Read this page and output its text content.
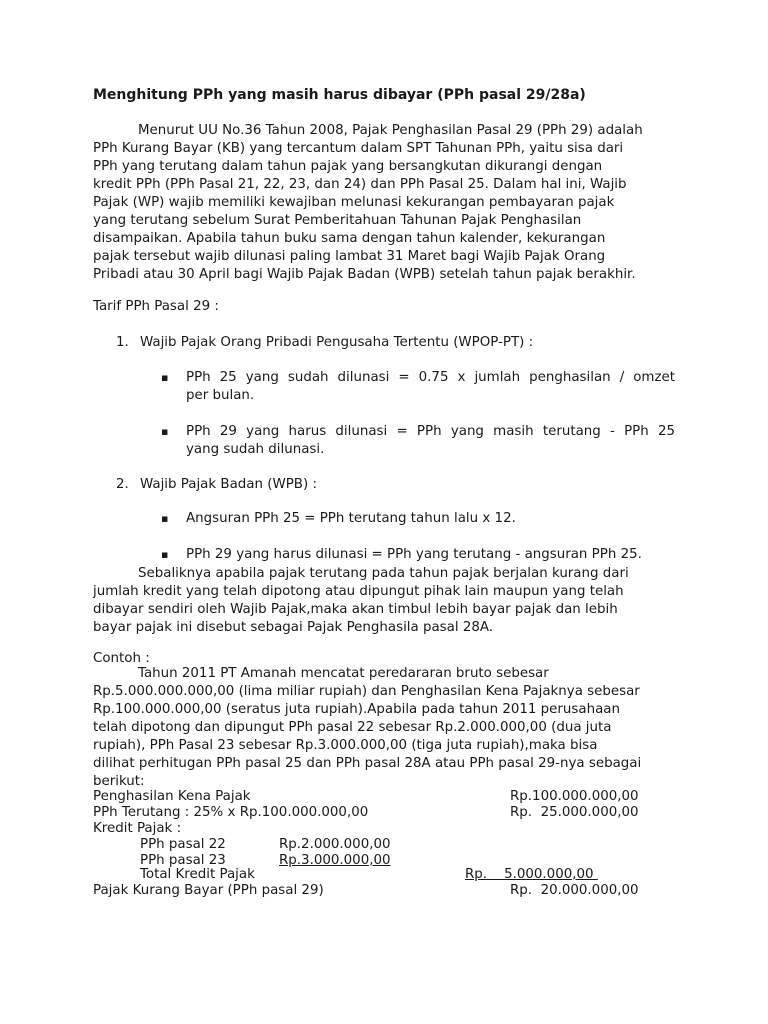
Menghitung PPh yang masih harus dibayar (PPh pasal 29/28a)

Menurut UU No.36 Tahun 2008, Pajak Penghasilan Pasal 29 (PPh 29) adalah

PPh Kurang Bayar (KB) yang tercantum dalam SPT Tahunan PPh, yaitu sisa dari

PPh yang terutang dalam tahun pajak yang bersangkutan dikurangi dengan

kredit PPh (PPh Pasal 21, 22, 23, dan 24) dan PPh Pasal 25. Dalam hal ini, Wajib

Pajak (WP) wajib memiliki kewajiban melunasi kekurangan pembayaran pajak

yang terutang sebelum Surat Pemberitahuan Tahunan Pajak Penghasilan

disampaikan. Apabila tahun buku sama dengan tahun kalender, kekurangan

pajak tersebut wajib dilunasi paling lambat 31 Maret bagi Wajib Pajak Orang

Pribadi atau 30 April bagi Wajib Pajak Badan (WPB) setelah tahun pajak berakhir.

Tarif PPh Pasal 29 :
1. Wajib Pajak Orang Pribadi Pengusaha Tertentu (WPOP-PT) :
▪ PPh 25 yang sudah dilunasi = 0.75 x jumlah penghasilan / omzet
per bulan.
▪ PPh 29 yang harus dilunasi = PPh yang masih terutang - PPh 25
yang sudah dilunasi.
2. Wajib Pajak Badan (WPB) :
▪ Angsuran PPh 25 = PPh terutang tahun lalu x 12.
▪ PPh 29 yang harus dilunasi = PPh yang terutang - angsuran PPh 25.

Sebaliknya apabila pajak terutang pada tahun pajak berjalan kurang dari

jumlah kredit yang telah dipotong atau dipungut pihak lain maupun yang telah

dibayar sendiri oleh Wajib Pajak,maka akan timbul lebih bayar pajak dan lebih

bayar pajak ini disebut sebagai Pajak Penghasila pasal 28A.

Contoh :

Tahun 2011 PT Amanah mencatat peredararan bruto sebesar

Rp.5.000.000.000,00 (lima miliar rupiah) dan Penghasilan Kena Pajaknya sebesar

Rp.100.000.000,00 (seratus juta rupiah).Apabila pada tahun 2011 perusahaan

telah dipotong dan dipungut PPh pasal 22 sebesar Rp.2.000.000,00 (dua juta

rupiah), PPh Pasal 23 sebesar Rp.3.000.000,00 (tiga juta rupiah),maka bisa

dilihat perhitugan PPh pasal 25 dan PPh pasal 28A atau PPh pasal 29-nya sebagai

berikut:

Penghasilan Kena Pajak	Rp.100.000.000,00
PPh Terutang : 25% x Rp.100.000.000,00	Rp.  25.000.000,00
Kredit Pajak :
PPh pasal 22	Rp.2.000.000,00
PPh pasal 23	Rp.3.000.000,00
Total Kredit Pajak	Rp.    5.000.000,00
Pajak Kurang Bayar (PPh pasal 29)	Rp.  20.000.000,00
